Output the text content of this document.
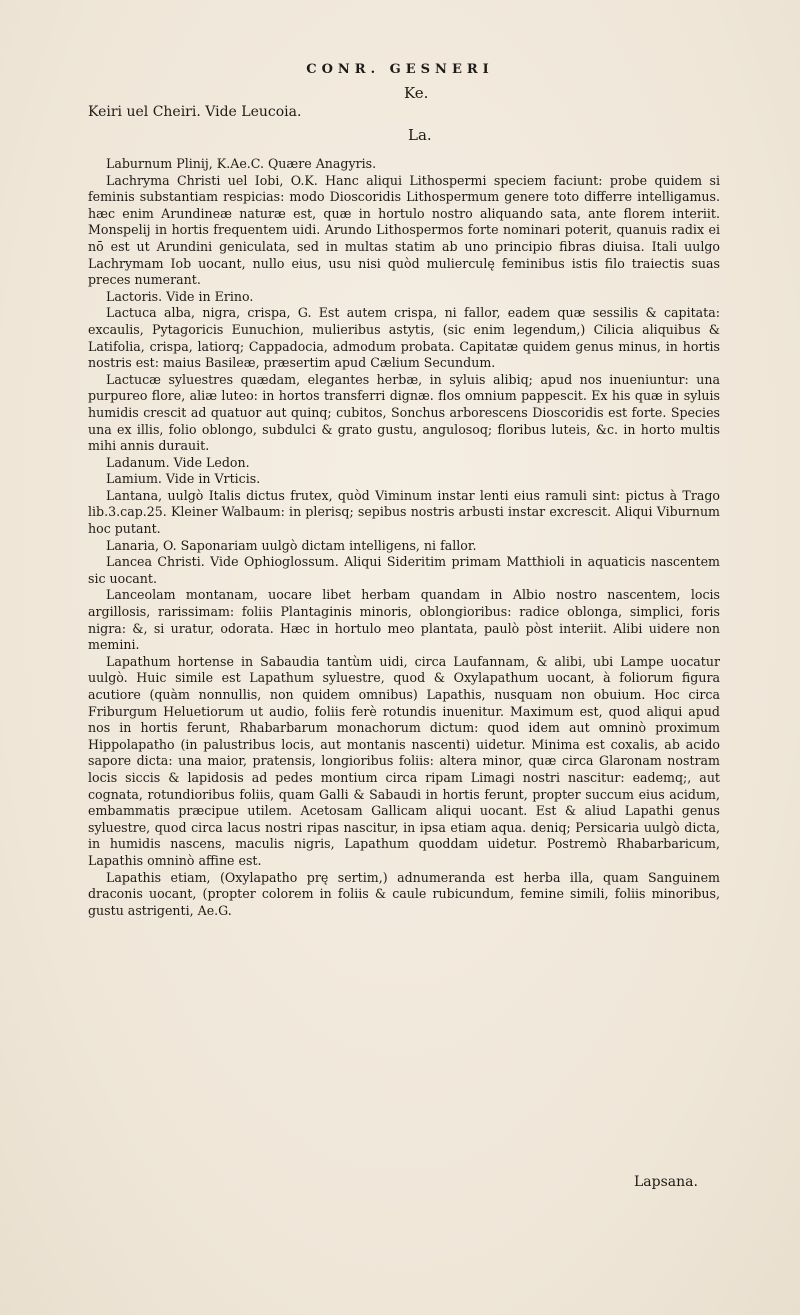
CONR. GESNERI
Ke.
Keiri uel Cheiri. Vide Leucoia.
La.

Laburnum Plinij, K.Ae.C. Quære Anagyris.

Lachryma Christi uel Iobi, O.K. Hanc aliqui Lithospermi speciem faciunt: probe quidem si feminis substantiam respicias: modo Dioscoridis Lithospermum genere toto differre intelligamus. hæc enim Arundineæ naturæ est, quæ in hortulo nostro aliquando sata, ante florem interiit. Monspelij in hortis frequentem uidi. Arundo Lithospermos forte nominari poterit, quanuis radix ei nō est ut Arundini geniculata, sed in multas statim ab uno principio fibras diuisa. Itali uulgo Lachrymam Iob uocant, nullo eius, usu nisi quòd mulierculę feminibus istis filo traiectis suas preces numerant.

Lactoris. Vide in Erino.

Lactuca alba, nigra, crispa, G. Est autem crispa, ni fallor, eadem quæ sessilis & capitata: excaulis, Pytagoricis Eunuchion, mulieribus astytis, (sic enim legendum,) Cilicia aliquibus & Latifolia, crispa, latiorq; Cappadocia, admodum probata. Capitatæ quidem genus minus, in hortis nostris est: maius Basileæ, præsertim apud Cælium Secundum.

Lactucæ syluestres quædam, elegantes herbæ, in syluis alibiq; apud nos inueniuntur: una purpureo flore, aliæ luteo: in hortos transferri dignæ. flos omnium pappescit. Ex his quæ in syluis humidis crescit ad quatuor aut quinq; cubitos, Sonchus arborescens Dioscoridis est forte. Species una ex illis, folio oblongo, subdulci & grato gustu, angulosoq; floribus luteis, &c. in horto multis mihi annis durauit.

Ladanum. Vide Ledon.

Lamium. Vide in Vrticis.

Lantana, uulgò Italis dictus frutex, quòd Viminum instar lenti eius ramuli sint: pictus à Trago lib.3.cap.25. Kleiner Walbaum: in plerisq; sepibus nostris arbusti instar excrescit. Aliqui Viburnum hoc putant.

Lanaria, O. Saponariam uulgò dictam intelligens, ni fallor.

Lancea Christi. Vide Ophioglossum. Aliqui Sideritim primam Matthioli in aquaticis nascentem sic uocant.

Lanceolam montanam, uocare libet herbam quandam in Albio nostro nascentem, locis argillosis, rarissimam: foliis Plantaginis minoris, oblongioribus: radice oblonga, simplici, foris nigra: &, si uratur, odorata. Hæc in hortulo meo plantata, paulò pòst interiit. Alibi uidere non memini.

Lapathum hortense in Sabaudia tantùm uidi, circa Laufannam, & alibi, ubi Lampe uocatur uulgò. Huic simile est Lapathum syluestre, quod & Oxylapathum uocant, à foliorum figura acutiore (quàm nonnullis, non quidem omnibus) Lapathis, nusquam non obuium. Hoc circa Friburgum Heluetiorum ut audio, foliis ferè rotundis inuenitur. Maximum est, quod aliqui apud nos in hortis ferunt, Rhabarbarum monachorum dictum: quod idem aut omninò proximum Hippolapatho (in palustribus locis, aut montanis nascenti) uidetur. Minima est coxalis, ab acido sapore dicta: una maior, pratensis, longioribus foliis: altera minor, quæ circa Glaronam nostram locis siccis & lapidosis ad pedes montium circa ripam Limagi nostri nascitur: eademq;, aut cognata, rotundioribus foliis, quam Galli & Sabaudi in hortis ferunt, propter succum eius acidum, embammatis præcipue utilem. Acetosam Gallicam aliqui uocant. Est & aliud Lapathi genus syluestre, quod circa lacus nostri ripas nascitur, in ipsa etiam aqua. deniq; Persicaria uulgò dicta, in humidis nascens, maculis nigris, Lapathum quoddam uidetur. Postremò Rhabarbaricum, Lapathis omninò affine est.

Lapathis etiam, (Oxylapatho prę sertim,) adnumeranda est herba illa, quam Sanguinem draconis uocant, (propter colorem in foliis & caule rubicundum, femine simili, foliis minoribus, gustu astrigenti, Ae.G.

Lapsana.
